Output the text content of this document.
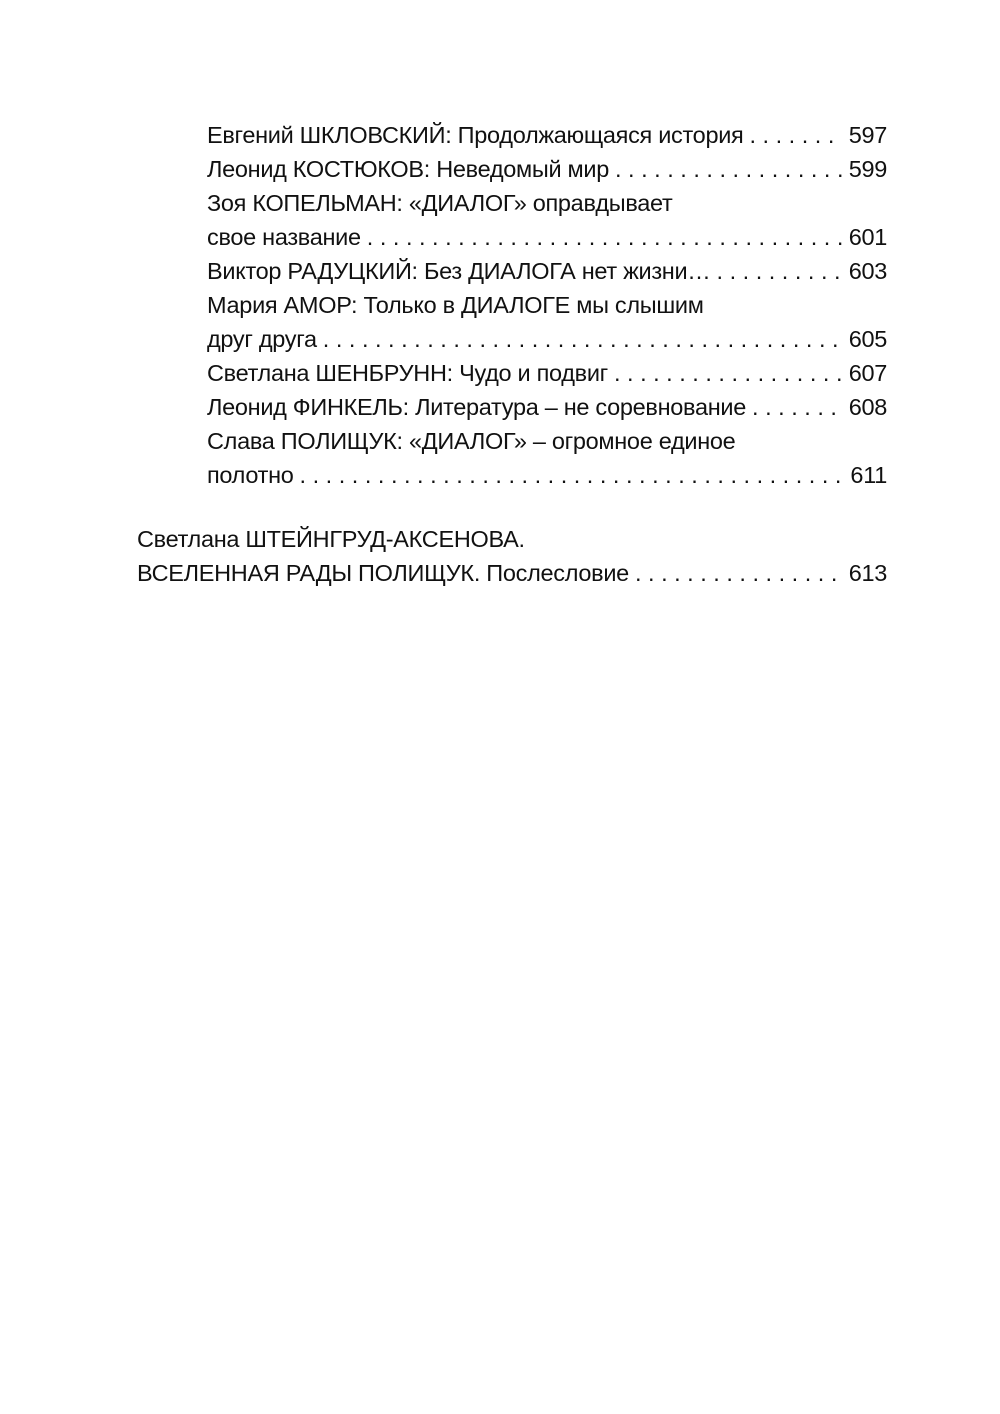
Евгений ШКЛОВСКИЙ: Продолжающаяся история . . .	597
Леонид КОСТЮКОВ: Неведомый мир . . .	599
Зоя КОПЕЛЬМАН: «ДИАЛОГ» оправдывает
свое название . . .	601
Виктор РАДУЦКИЙ: Без ДИАЛОГА нет жизни… . . .	603
Мария АМОР: Только в ДИАЛОГЕ мы слышим
друг друга . . .	605
Светлана ШЕНБРУНН: Чудо и подвиг . . .	607
Леонид ФИНКЕЛЬ: Литература – не соревнование . . .	608
Слава ПОЛИЩУК: «ДИАЛОГ» – огромное единое
полотно . . .	611
Светлана ШТЕЙНГРУД-АКСЕНОВА.
ВСЕЛЕННАЯ РАДЫ ПОЛИЩУК. Послесловие . . .	613
